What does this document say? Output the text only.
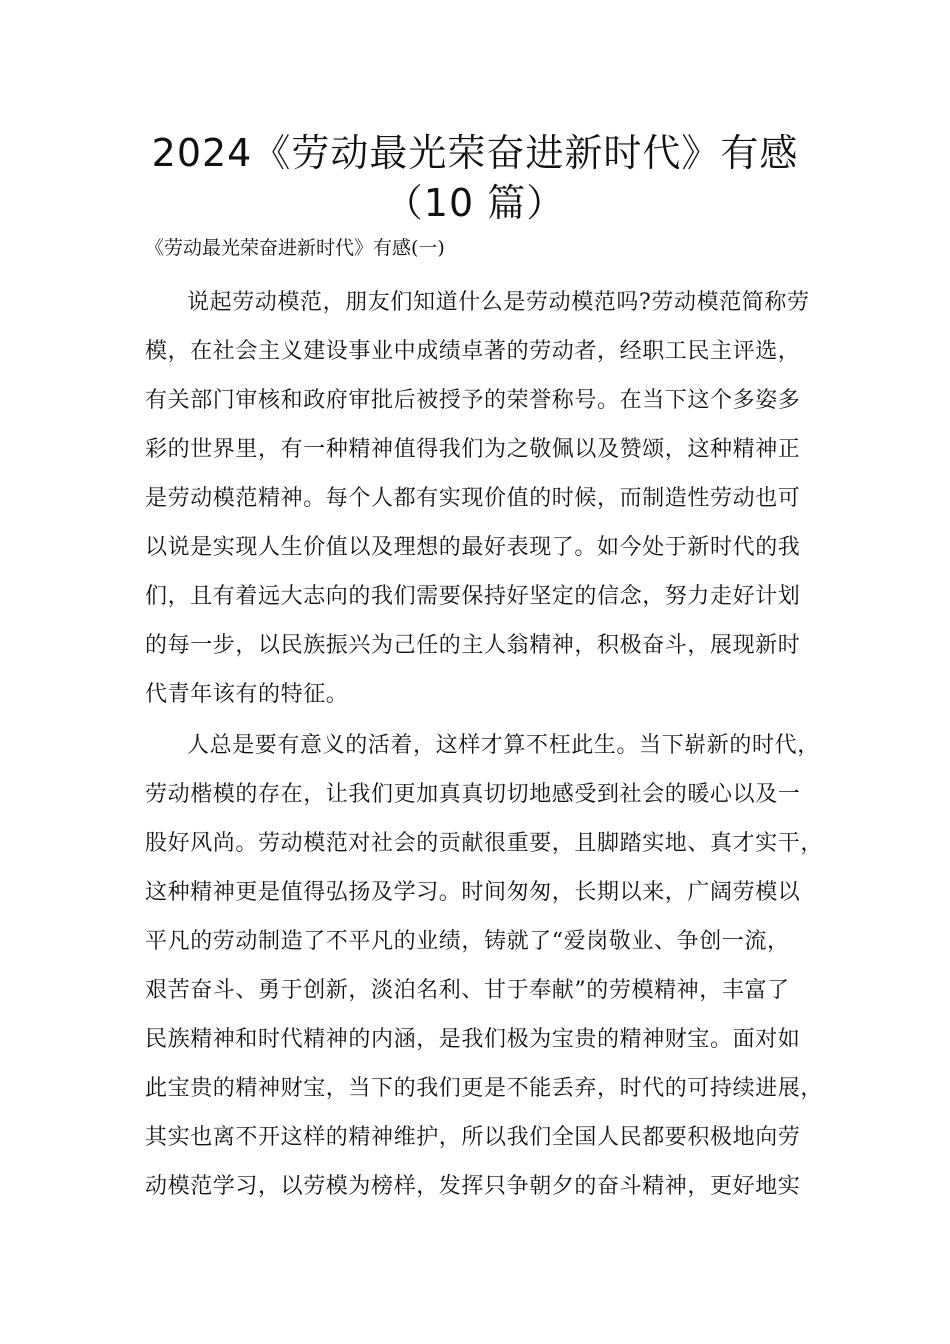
2024《劳动最光荣奋进新时代》有感
（10 篇）
《劳动最光荣奋进新时代》有感(一)
说起劳动模范，朋友们知道什么是劳动模范吗?劳动模范简称劳
模，在社会主义建设事业中成绩卓著的劳动者，经职工民主评选，
有关部门审核和政府审批后被授予的荣誉称号。在当下这个多姿多
彩的世界里，有一种精神值得我们为之敬佩以及赞颂，这种精神正
是劳动模范精神。每个人都有实现价值的时候，而制造性劳动也可
以说是实现人生价值以及理想的最好表现了。如今处于新时代的我
们，且有着远大志向的我们需要保持好坚定的信念，努力走好计划
的每一步，以民族振兴为己任的主人翁精神，积极奋斗，展现新时
代青年该有的特征。
人总是要有意义的活着，这样才算不枉此生。当下崭新的时代，
劳动楷模的存在，让我们更加真真切切地感受到社会的暖心以及一
股好风尚。劳动模范对社会的贡献很重要，且脚踏实地、真才实干，
这种精神更是值得弘扬及学习。时间匆匆，长期以来，广阔劳模以
平凡的劳动制造了不平凡的业绩，铸就了“爱岗敬业、争创一流，
艰苦奋斗、勇于创新，淡泊名利、甘于奉献”的劳模精神，丰富了
民族精神和时代精神的内涵，是我们极为宝贵的精神财宝。面对如
此宝贵的精神财宝，当下的我们更是不能丢弃，时代的可持续进展，
其实也离不开这样的精神维护，所以我们全国人民都要积极地向劳
动模范学习，以劳模为榜样，发挥只争朝夕的奋斗精神，更好地实
